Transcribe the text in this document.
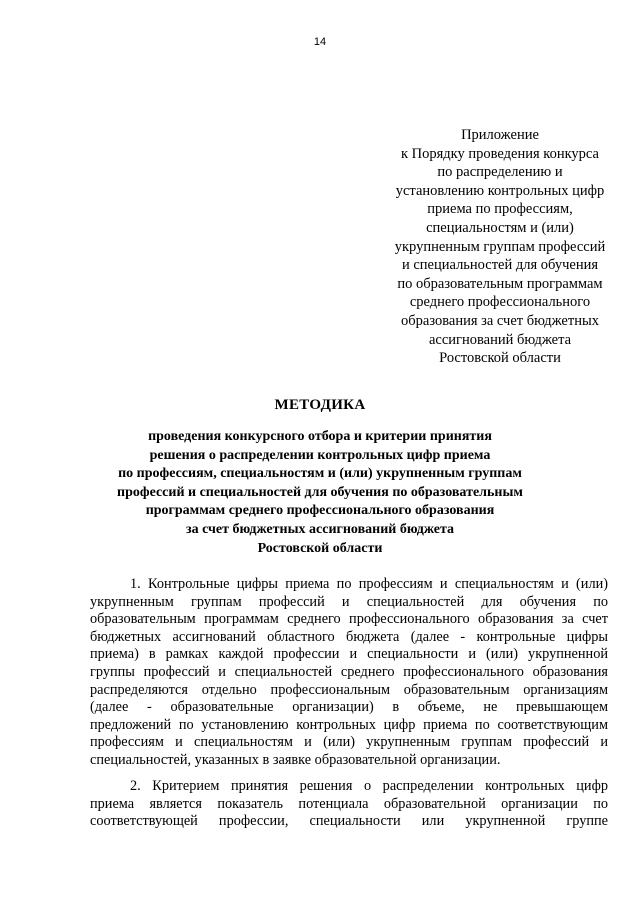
14
Приложение
к Порядку проведения конкурса
по распределению и
установлению контрольных цифр
приема по профессиям,
специальностям и (или)
укрупненным группам профессий
и специальностей для обучения
по образовательным программам
среднего профессионального
образования за счет бюджетных
ассигнований бюджета
Ростовской области
МЕТОДИКА
проведения конкурсного отбора и критерии принятия
решения о распределении контрольных цифр приема
по профессиям, специальностям и (или) укрупненным группам
профессий и специальностей для обучения по образовательным
программам среднего профессионального образования
за счет бюджетных ассигнований бюджета
Ростовской области
1. Контрольные цифры приема по профессиям и специальностям и (или)
укрупненным группам профессий и специальностей для обучения по
образовательным программам среднего профессионального образования за счет
бюджетных ассигнований областного бюджета (далее - контрольные цифры
приема) в рамках каждой профессии и специальности и (или) укрупненной
группы профессий и специальностей среднего профессионального образования
распределяются отдельно профессиональным образовательным организациям
(далее - образовательные организации) в объеме, не превышающем
предложений по установлению контрольных цифр приема по соответствующим
профессиям и специальностям и (или) укрупненным группам профессий и
специальностей, указанных в заявке образовательной организации.
2. Критерием принятия решения о распределении контрольных цифр
приема является показатель потенциала образовательной организации по
соответствующей профессии, специальности или укрупненной группе
